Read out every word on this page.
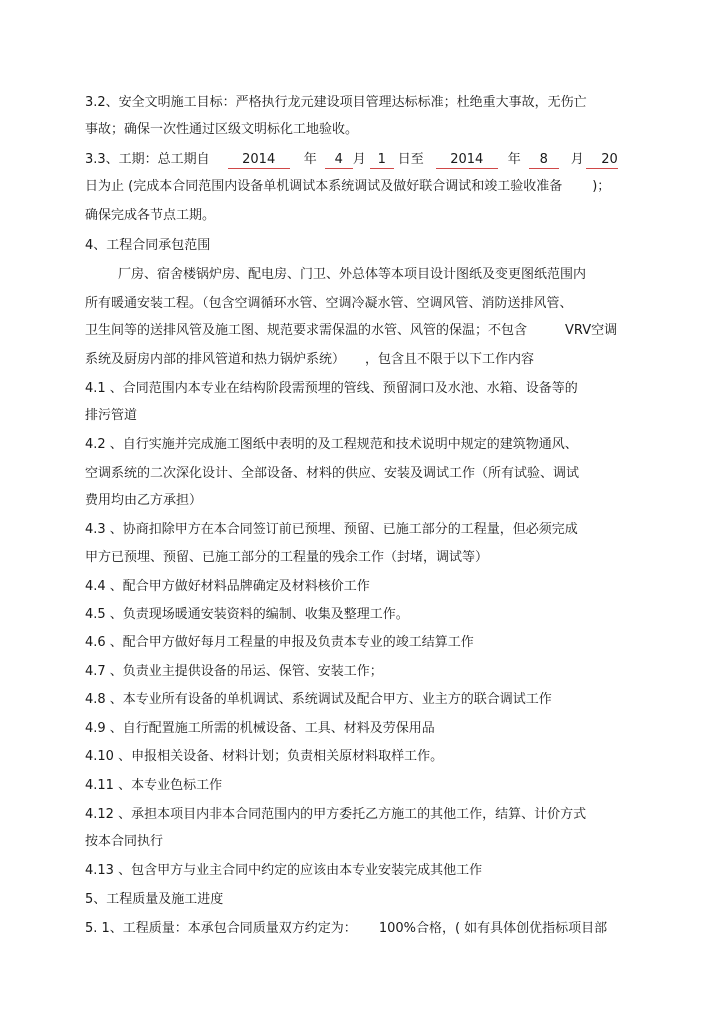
3.2、安全文明施工目标：严格执行龙元建设项目管理达标标准；杜绝重大事故，无伤亡
事故；确保一次性通过区级文明标化工地验收。
3.3、工期：总工期自 2014 年 4 月 1 日至 2014 年 8 月 20
日为止 (完成本合同范围内设备单机调试本系统调试及做好联合调试和竣工验收准备 )；
确保完成各节点工期。
4、工程合同承包范围
厂房、宿舍楼锅炉房、配电房、门卫、外总体等本项目设计图纸及变更图纸范围内
所有暖通安装工程。（包含空调循环水管、空调冷凝水管、空调风管、消防送排风管、
卫生间等的送排风管及施工图、规范要求需保温的水管、风管的保温；不包含	VRV空调
系统及厨房内部的排风管道和热力锅炉系统） ，包含且不限于以下工作内容
4.1 、合同范围内本专业在结构阶段需预埋的管线、预留洞口及水池、水箱、设备等的
排污管道
4.2 、自行实施并完成施工图纸中表明的及工程规范和技术说明中规定的建筑物通风、
空调系统的二次深化设计、全部设备、材料的供应、安装及调试工作（所有试验、调试
费用均由乙方承担）
4.3 、协商扣除甲方在本合同签订前已预埋、预留、已施工部分的工程量，但必须完成
甲方已预埋、预留、已施工部分的工程量的残余工作（封堵，调试等）
4.4 、配合甲方做好材料品牌确定及材料核价工作
4.5 、负责现场暖通安装资料的编制、收集及整理工作。
4.6 、配合甲方做好每月工程量的申报及负责本专业的竣工结算工作
4.7 、负责业主提供设备的吊运、保管、安装工作；
4.8 、本专业所有设备的单机调试、系统调试及配合甲方、业主方的联合调试工作
4.9 、自行配置施工所需的机械设备、工具、材料及劳保用品
4.10 、申报相关设备、材料计划；负责相关原材料取样工作。
4.11 、本专业色标工作
4.12 、承担本项目内非本合同范围内的甲方委托乙方施工的其他工作，结算、计价方式
按本合同执行
4.13 、包含甲方与业主合同中约定的应该由本专业安装完成其他工作
5、工程质量及施工进度
5. 1、工程质量：本承包合同质量双方约定为： 100%合格，( 如有具体创优指标项目部
